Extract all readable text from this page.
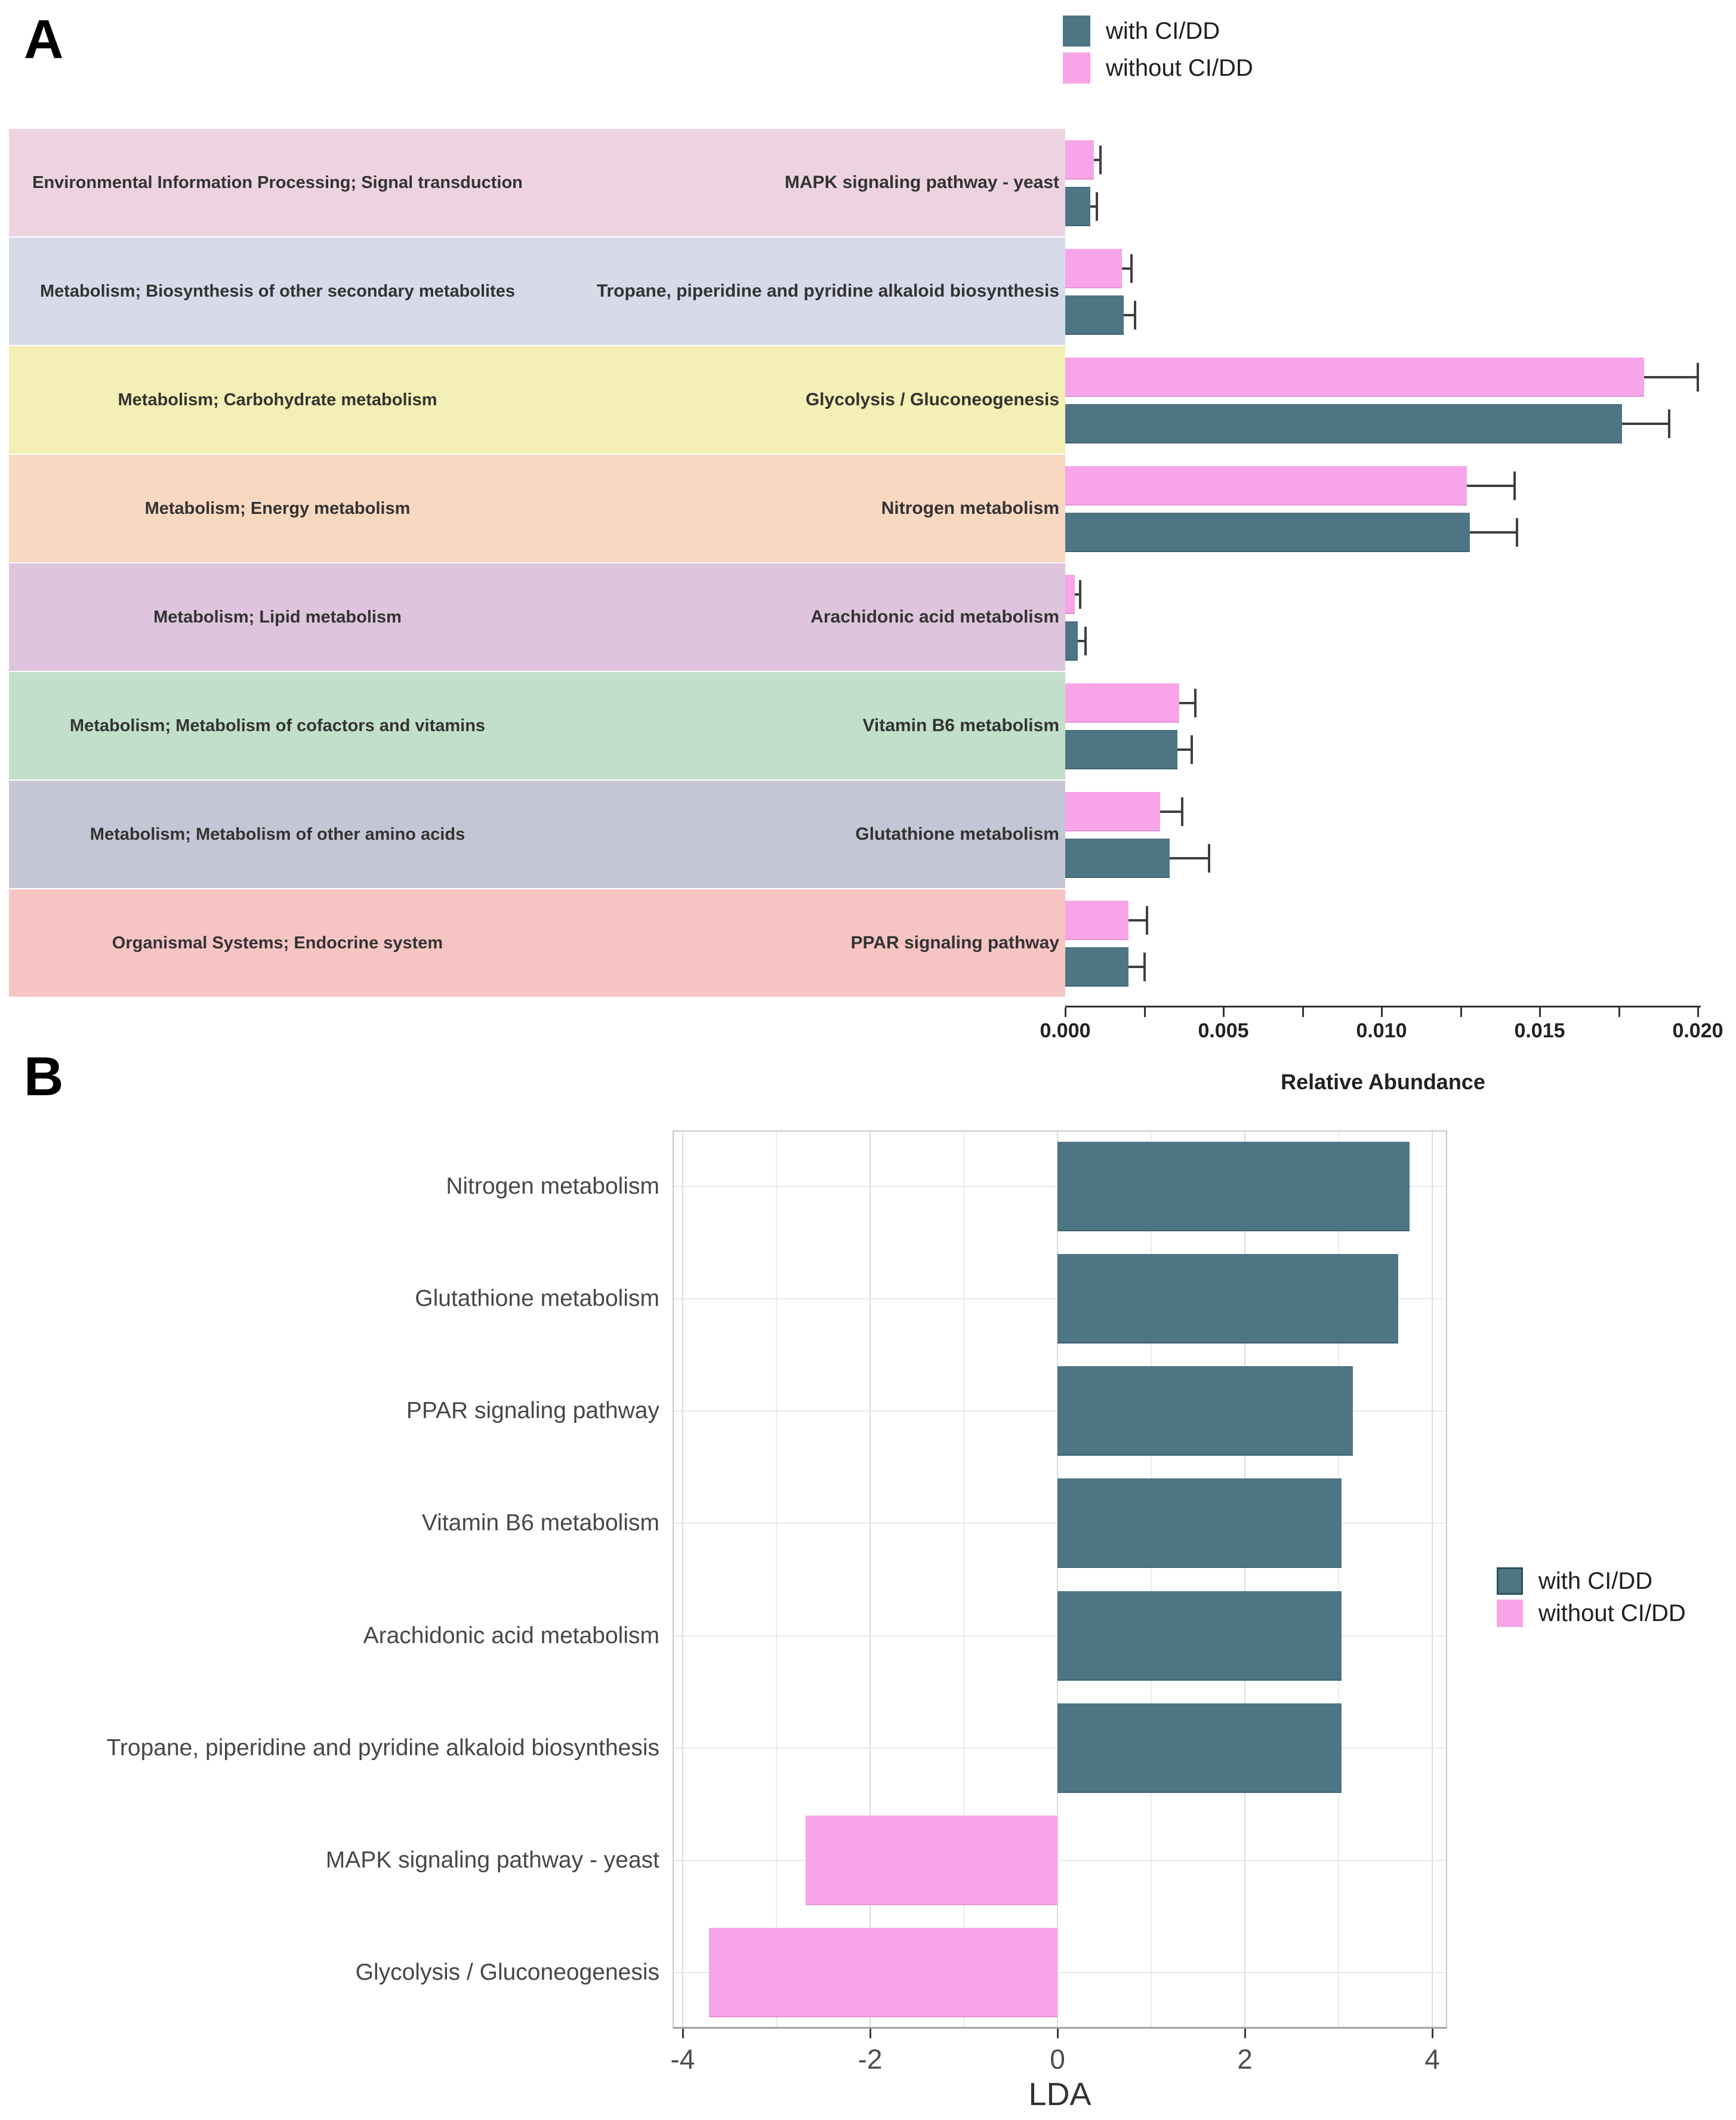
A	with CI/DD
without CI/DD
Environmental Information Processing; Signal transduction	MAPK signaling pathway - yeast
Metabolism; Biosynthesis of other secondary metabolites	Tropane, piperidine and pyridine alkaloid biosynthesis
Metabolism; Carbohydrate metabolism	Glycolysis / Gluconeogenesis
Metabolism; Energy metabolism	Nitrogen metabolism
Metabolism; Lipid metabolism	Arachidonic acid metabolism
Metabolism; Metabolism of cofactors and vitamins	Vitamin B6 metabolism
Metabolism; Metabolism of other amino acids	Glutathione metabolism
Organismal Systems; Endocrine system	PPAR signaling pathway
0.000	0.005	0.010	0.015	0.020
Relative Abundance
B
with CI/DD
without CI/DD
Nitrogen metabolism
Glutathione metabolism
PPAR signaling pathway
Vitamin B6 metabolism
Arachidonic acid metabolism
Tropane, piperidine and pyridine alkaloid biosynthesis
MAPK signaling pathway - yeast
Glycolysis / Gluconeogenesis
-4	-2	0	2	4
LDA
